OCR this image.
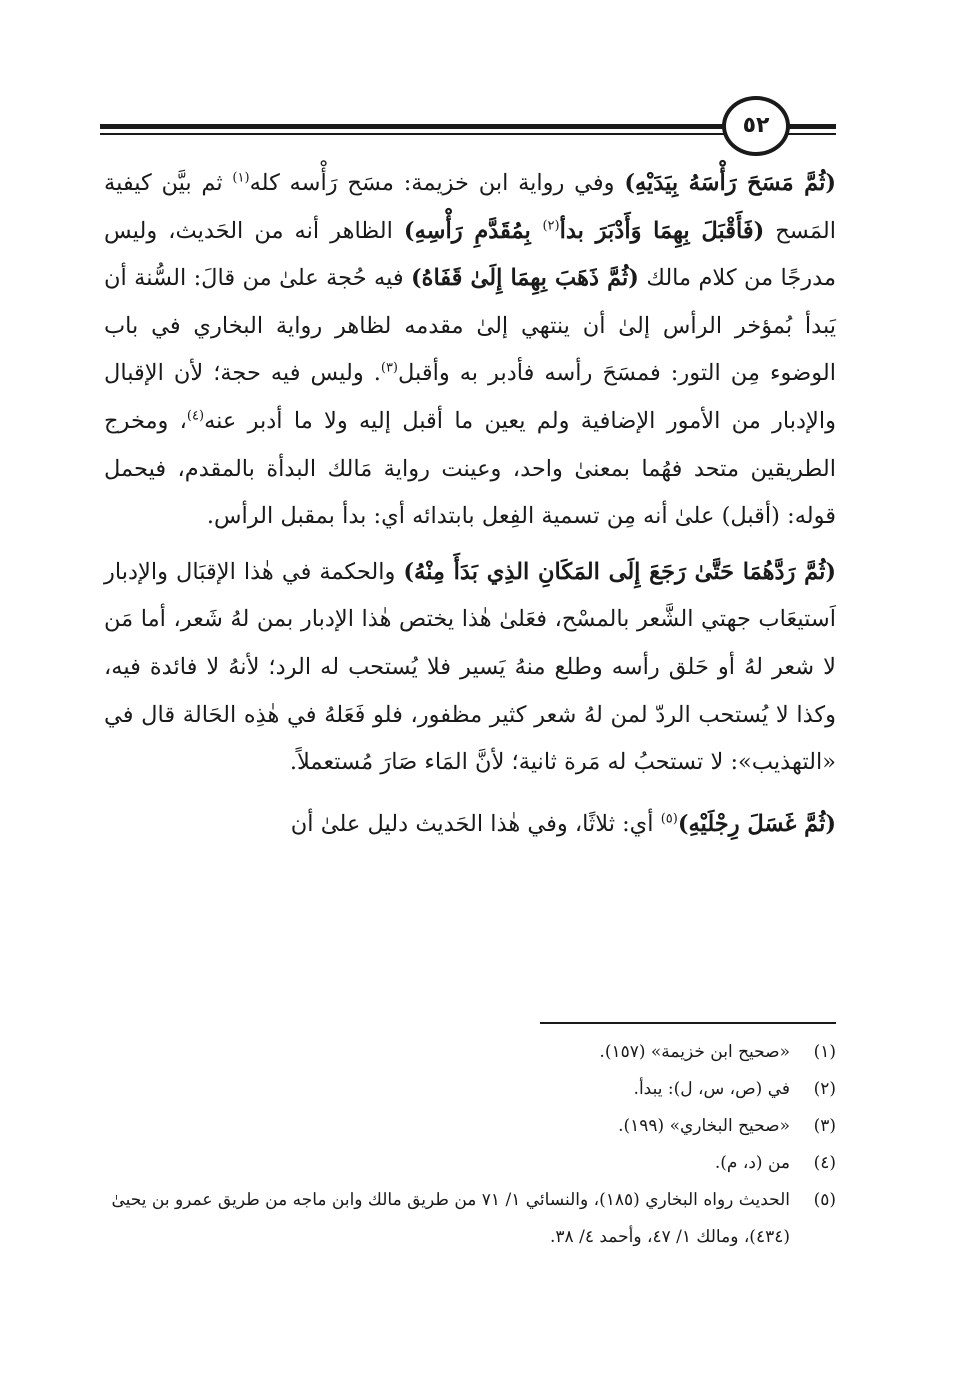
٥٢

(ثُمَّ مَسَحَ رَأْسَهُ بِيَدَيْهِ) وفي رواية ابن خزيمة: مسَح رَأْسه كله$^{(١)}$ ثم بيَّن كيفية المَسح (فَأَقْبَلَ بِهِمَا وَأَدْبَرَ بدأ$^{(٢)}$ بِمُقَدَّمِ رَأْسِهِ) الظاهر أنه من الحَديث، وليس مدرجًا من كلام مالك (ثُمَّ ذَهَبَ بِهِمَا إِلَىٰ قَفَاهُ) فيه حُجة علىٰ من قالَ: السُّنة أن يَبدأ بُمؤخر الرأس إلىٰ أن ينتهي إلىٰ مقدمه لظاهر رواية البخاري في باب الوضوء مِن التور: فمسَحَ رأسه فأدبر به وأقبل$^{(٣)}$. وليس فيه حجة؛ لأن الإقبال والإدبار من الأمور الإضافية ولم يعين ما أقبل إليه ولا ما أدبر عنه$^{(٤)}$، ومخرج الطريقين متحد فهُما بمعنىٰ واحد، وعينت رواية مَالك البدأة بالمقدم، فيحمل قوله: (أقبل) علىٰ أنه مِن تسمية الفِعل بابتدائه أي: بدأ بمقبل الرأس.

(ثُمَّ رَدَّهُمَا حَتَّىٰ رَجَعَ إِلَى المَكَانِ الذِي بَدَأَ مِنْهُ) والحكمة في هٰذا الإقبَال والإدبار اَستيعَاب جهتي الشَّعر بالمسْح، فعَلىٰ هٰذا يختص هٰذا الإدبار بمن لهُ شَعر، أما مَن لا شعر لهُ أو حَلق رأسه وطلع منهُ يَسير فلا يُستحب له الرد؛ لأنهُ لا فائدة فيه، وكذا لا يُستحب الردّ لمن لهُ شعر كثير مظفور، فلو فَعَلهُ في هٰذِه الحَالة قال في «التهذيب»: لا تستحبُ له مَرة ثانية؛ لأنَّ المَاء صَارَ مُستعملاً.

(ثُمَّ غَسَلَ رِجْلَيْهِ)$^{(٥)}$ أي: ثلاثًا، وفي هٰذا الحَديث دليل علىٰ أن

(١)
«صحيح ابن خزيمة» (١٥٧).
(٢)
في (ص، س، ل): يبدأ.
(٣)
«صحيح البخاري» (١٩٩).
(٤)
من (د، م).
(٥)
الحديث رواه البخاري (١٨٥)، والنسائي ١/ ٧١ من طريق مالك وابن ماجه من طريق عمرو بن يحيىٰ (٤٣٤)، ومالك ١/ ٤٧، وأحمد ٤/ ٣٨.
